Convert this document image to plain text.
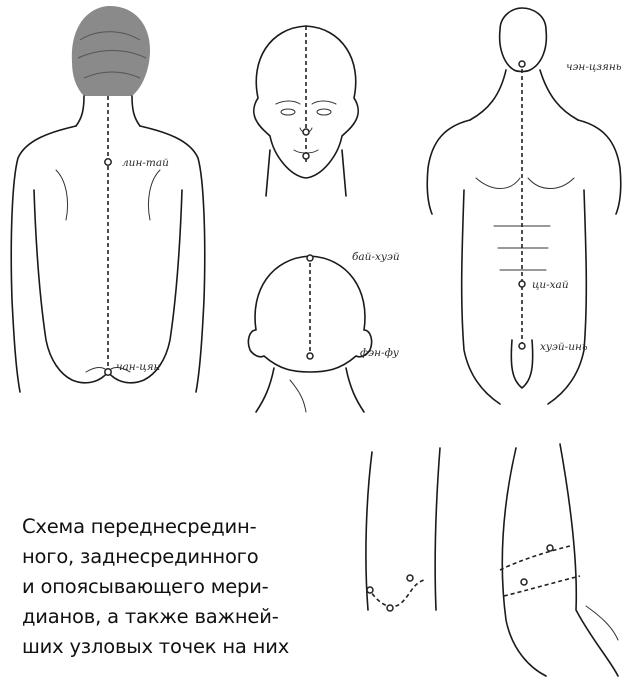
лин-тай
чан-цян
бай-хуэй
фэн-фу
чэн-цзянь
ци-хай
хуэй-инь
Схема переднесредин-
ного, заднесрединного
и опоясывающего мери-
дианов, а также важней-
ших узловых точек на них
